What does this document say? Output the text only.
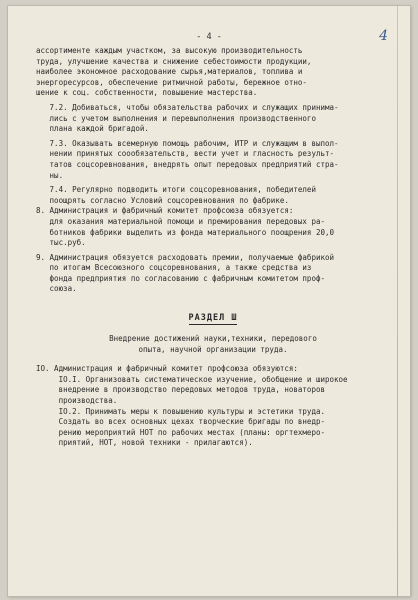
- 4 -	4
ассортименте каждым участком, за высокую производительность
труда, улучшение качества и снижение себестоимости продукции,
наиболее экономное расходование сырья,материалов, топлива и
энергоресурсов, обеспечение ритмичной работы, бережное отно-
шение к соц. собственности, повышение мастерства.
7.2. Добиваться, чтобы обязательства рабочих и служащих принима-
лись с учетом выполнения и перевыполнения производственного
плана каждой бригадой.
7.3. Оказывать всемерную помощь рабочим, ИТР и служащим в выпол-
нении принятых соообязательств, вести учет и гласность результ-
татов соцсоревнования, внедрять опыт передовых предприятий стра-
ны.
7.4. Регулярно подводить итоги соцсоревнования, победителей
поощрять согласно Условий соцсоревнования по фабрике.
8. Администрация и фабричный комитет профсоюза обязуется:
для оказания материальной помощи и премирования передовых ра-
ботников фабрики выделить из фонда материального поощрения 20,0
тыс.руб.
9. Администрация обязуется расходовать премии, получаемые фабрикой
по итогам Всесоюзного соцсоревнования, а также средства из
фонда предприятия по согласованию с фабричным комитетом проф-
союза.
РАЗДЕЛ Ш
Внедрение достижений науки,техники, передового
опыта, научной организации труда.
IO. Администрация и фабричный комитет профсоюза обязуются:
IO.I. Организовать систематическое изучение, обобщение и широкое
внедрение в производство передовых методов труда, новаторов
производства.
IO.2. Принимать меры к повышению культуры и эстетики труда.
Создать во всех основных цехах творческие бригады по внедр-
рению мероприятий НОТ по рабочих местах (планы: оргтехмеро-
приятий, НОТ, новой техники - прилагаются).
